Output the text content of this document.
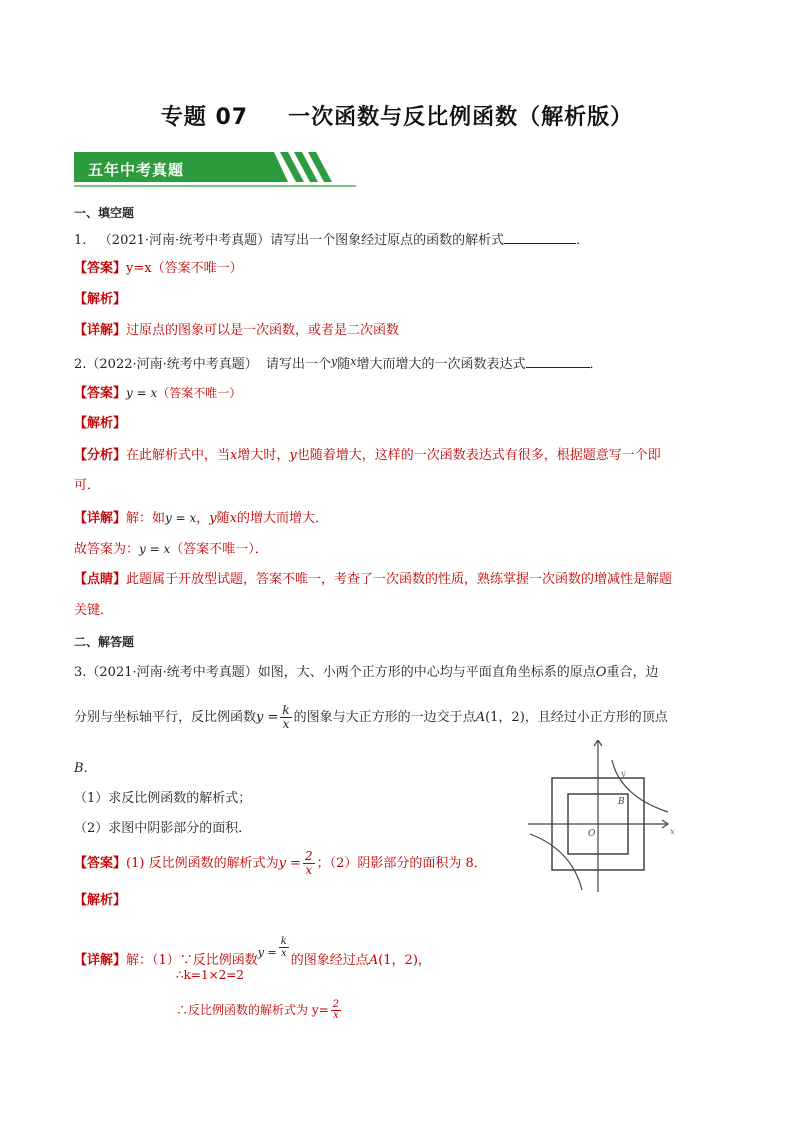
专题 07 一次函数与反比例函数（解析版）
五年中考真题
一、填空题
1.   （2021·河南·统考中考真题）请写出一个图象经过原点的函数的解析式	．
【答案】y=x（答案不唯一）
【解析】
【详解】过原点的图象可以是一次函数，或者是二次函数
2.（2022·河南·统考中考真题）  请写出一个$^y$随$^x$增大而增大的一次函数表达式	．
【答案】y = x（答案不唯一）
【解析】
【分析】在此解析式中，当x增大时，y也随着增大，这样的一次函数表达式有很多，根据题意写一个即
可．
【详解】解：如y = x，y随x的增大而增大．
故答案为：y = x（答案不唯一）．
【点睛】此题属于开放型试题，答案不唯一，考查了一次函数的性质，熟练掌握一次函数的增减性是解题
关键．
二、解答题
3.（2021·河南·统考中考真题）如图，大、小两个正方形的中心均与平面直角坐标系的原点O重合，边
分别与坐标轴平行，反比例函数$y = \frac{k}{x}$ 的图象与大正方形的一边交于点A(1，2)，且经过小正方形的顶点
B．
（1）求反比例函数的解析式；
（2）求图中阴影部分的面积．
【答案】(1) 反比例函数的解析式为$y = \frac{2}{x}$ ；（2）阴影部分的面积为 8．
【解析】
【详解】解：（1）∵反比例函数$^{y =} \frac{k}{x}$
的图象经过点A(1，2)，
∴k=1×2=2
∴反比例函数的解析式为 $y= \frac{2}{x}$
B
O
y
x
